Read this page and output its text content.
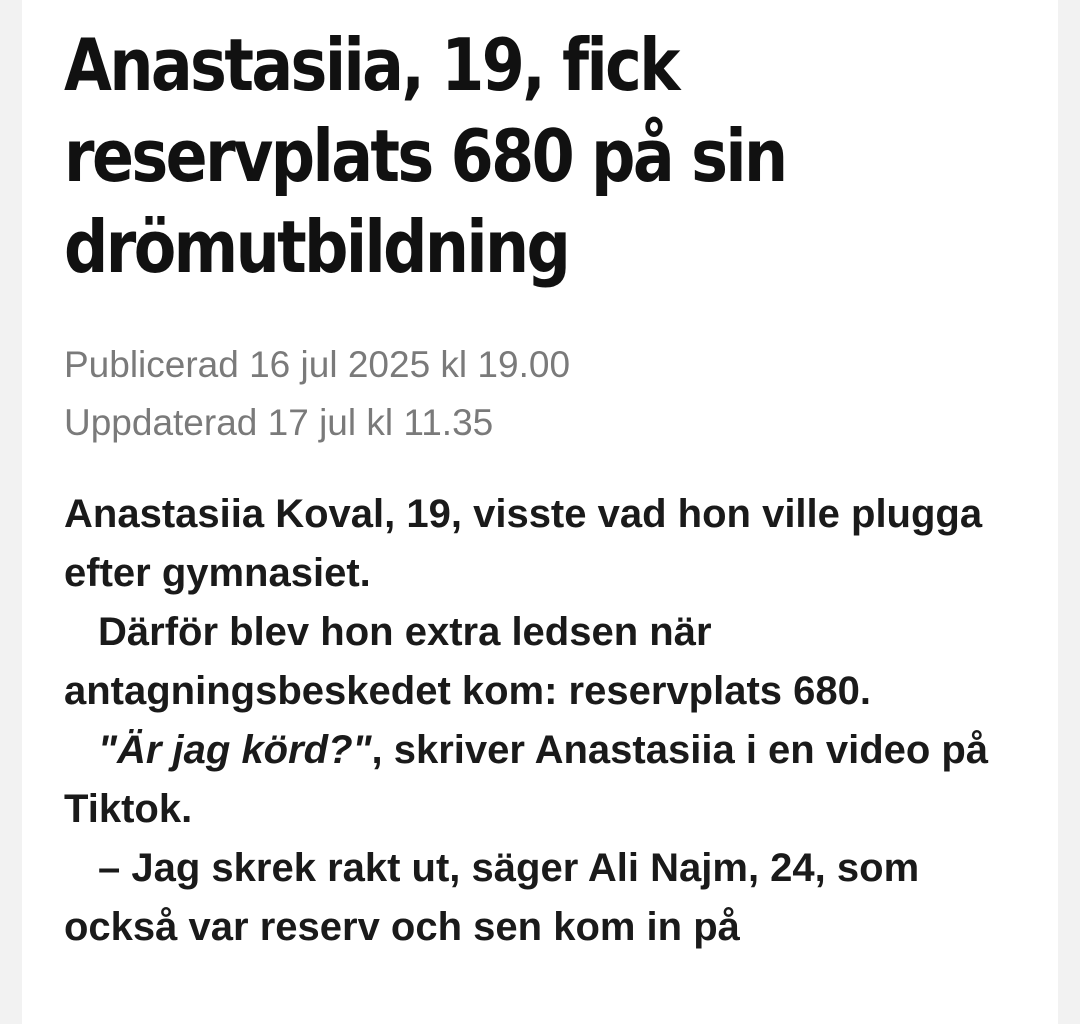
Anastasiia, 19, fick
reservplats 680 på sin
drömutbildning
Publicerad 16 jul 2025 kl 19.00
Uppdaterad 17 jul kl 11.35

Anastasiia Koval, 19, visste vad hon ville plugga efter gymnasiet.

Därför blev hon extra ledsen när antagningsbeskedet kom: reservplats 680.

"Är jag körd?", skriver Anastasiia i en video på Tiktok.

– Jag skrek rakt ut, säger Ali Najm, 24, som också var reserv och sen kom in på
